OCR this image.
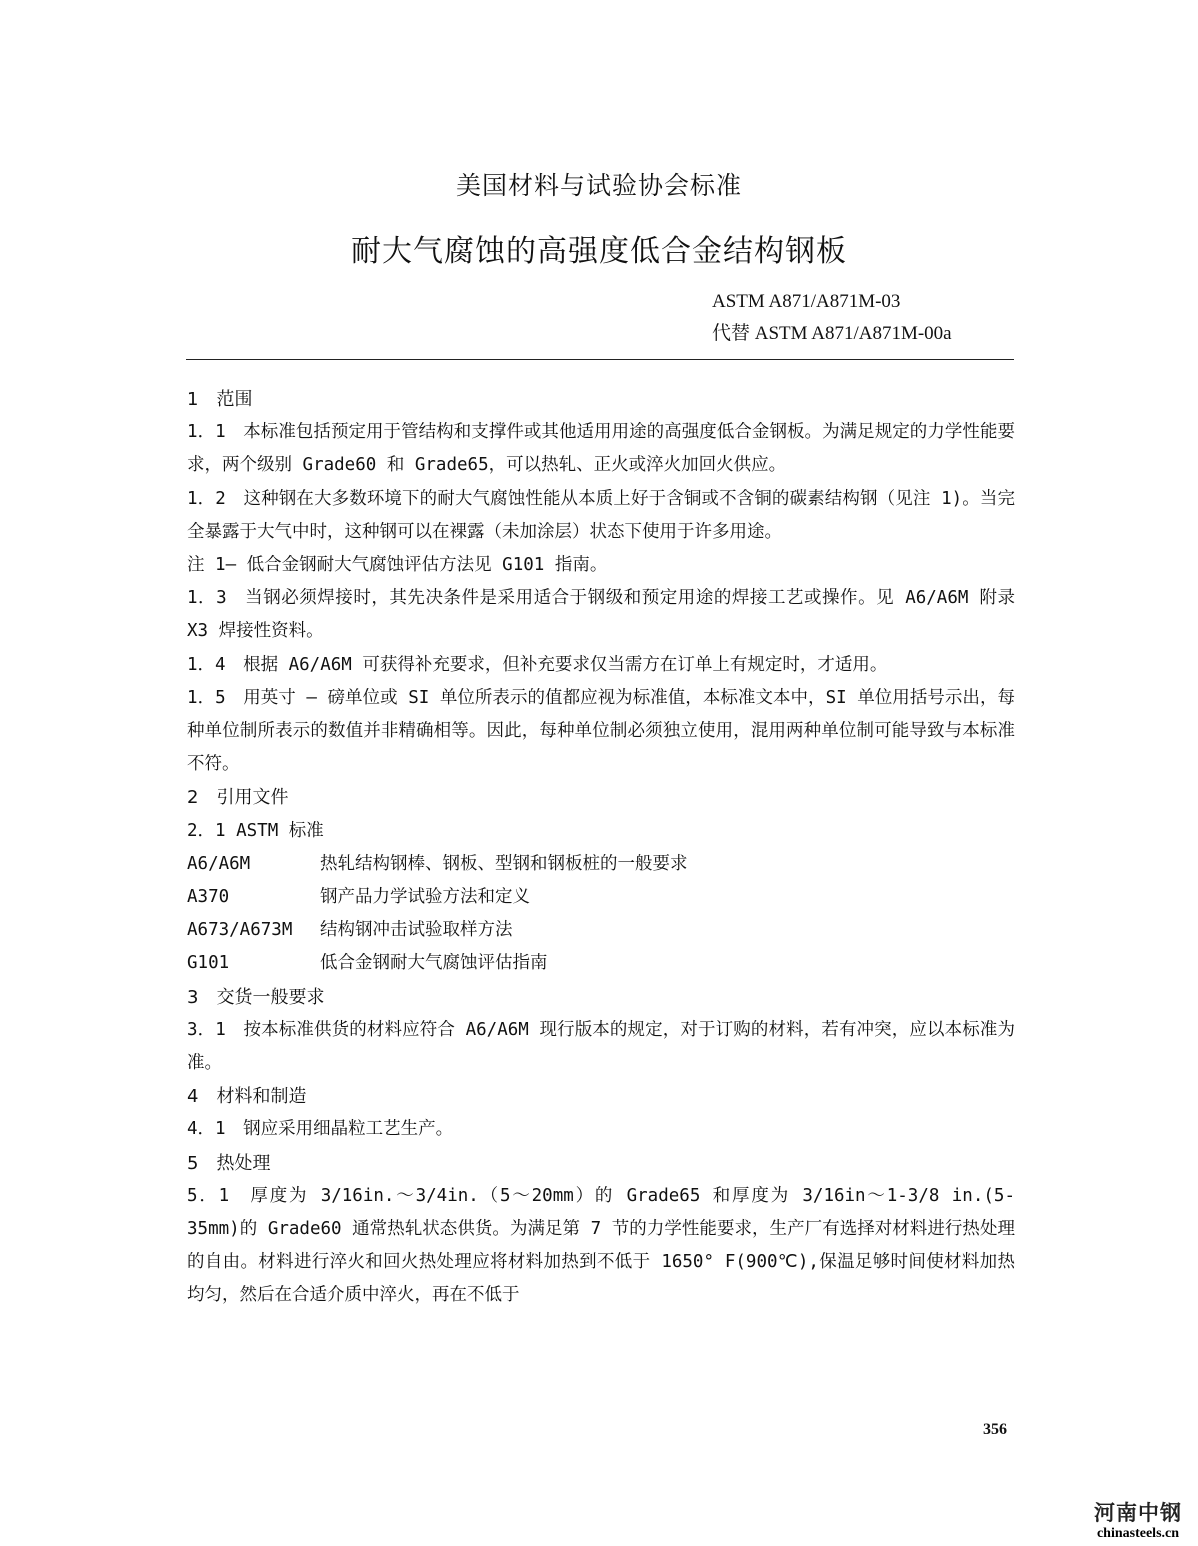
美国材料与试验协会标准
耐大气腐蚀的高强度低合金结构钢板
ASTM A871/A871M-03
代替 ASTM A871/A871M-00a

1　范围

1．1　本标准包括预定用于管结构和支撑件或其他适用用途的高强度低合金钢板。为满足规定的力学性能要求，两个级别 Grade60 和 Grade65，可以热轧、正火或淬火加回火供应。

1．2　这种钢在大多数环境下的耐大气腐蚀性能从本质上好于含铜或不含铜的碳素结构钢（见注 1)。当完全暴露于大气中时，这种钢可以在裸露（未加涂层）状态下使用于许多用途。

注 1— 低合金钢耐大气腐蚀评估方法见 G101 指南。

1．3　当钢必须焊接时，其先决条件是采用适合于钢级和预定用途的焊接工艺或操作。见 A6/A6M 附录 X3 焊接性资料。

1．4　根据 A6/A6M 可获得补充要求，但补充要求仅当需方在订单上有规定时，才适用。

1．5　用英寸 — 磅单位或 SI 单位所表示的值都应视为标准值，本标准文本中，SI 单位用括号示出，每种单位制所表示的数值并非精确相等。因此，每种单位制必须独立使用，混用两种单位制可能导致与本标准不符。

2　引用文件

2．1 ASTM 标准

A6/A6M	热轧结构钢棒、钢板、型钢和钢板桩的一般要求
A370	钢产品力学试验方法和定义
A673/A673M	结构钢冲击试验取样方法
G101	低合金钢耐大气腐蚀评估指南

3　交货一般要求

3．1　按本标准供货的材料应符合 A6/A6M 现行版本的规定，对于订购的材料，若有冲突，应以本标准为准。

4　材料和制造

4．1　钢应采用细晶粒工艺生产。

5　热处理

5．1　厚度为 3/16in.～3/4in.（5～20mm）的 Grade65 和厚度为 3/16in～1-3/8 in.(5-35mm)的 Grade60 通常热轧状态供货。为满足第 7 节的力学性能要求，生产厂有选择对材料进行热处理的自由。材料进行淬火和回火热处理应将材料加热到不低于 1650° F(900℃),保温足够时间使材料加热均匀，然后在合适介质中淬火，再在不低于

356
河南中钢
chinasteels.cn
